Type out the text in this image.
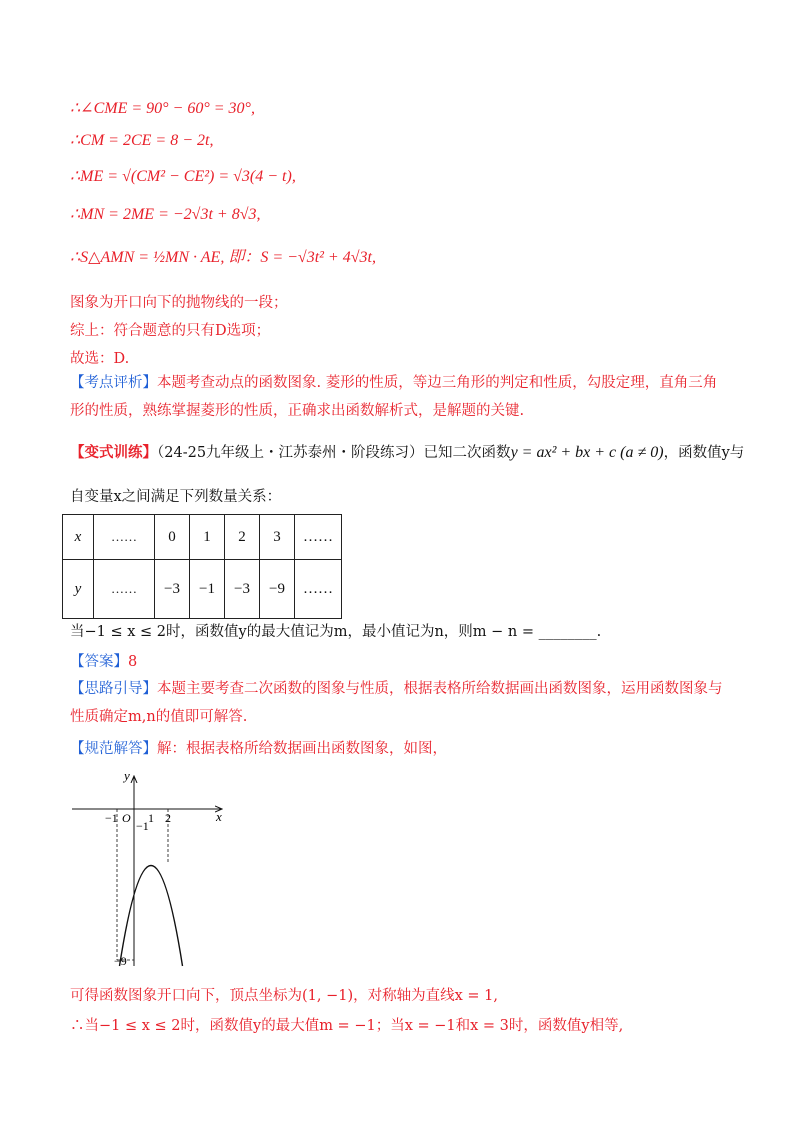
∴∠CME = 90° − 60° = 30°,
∴CM = 2CE = 8 − 2t,
∴ME = √(CM² − CE²) = √3(4 − t),
∴MN = 2ME = −2√3t + 8√3,
∴S△AMN = ½MN · AE, 即：S = −√3t² + 4√3t,
图象为开口向下的抛物线的一段；
综上：符合题意的只有D选项；
故选：D.
【考点评析】本题考查动点的函数图象. 菱形的性质，等边三角形的判定和性质，勾股定理，直角三角形的性质，熟练掌握菱形的性质，正确求出函数解析式，是解题的关键.
【变式训练】（24-25九年级上・江苏泰州・阶段练习）已知二次函数y = ax² + bx + c (a ≠ 0)，函数值y与
自变量x之间满足下列数量关系：
x	……	0	1	2	3	……
y	……	−3	−1	−3	−9	……
当−1 ≤ x ≤ 2时，函数值y的最大值记为m，最小值记为n，则m − n = ________.
【答案】8
【思路引导】本题主要考查二次函数的图象与性质，根据表格所给数据画出函数图象，运用函数图象与性质确定m,n的值即可解答.
【规范解答】解：根据表格所给数据画出函数图象，如图，
x
y
O
−1	1 2
−1
−9
可得函数图象开口向下，顶点坐标为(1, −1)，对称轴为直线x = 1,
∴当−1 ≤ x ≤ 2时，函数值y的最大值m = −1；当x = −1和x = 3时，函数值y相等,
